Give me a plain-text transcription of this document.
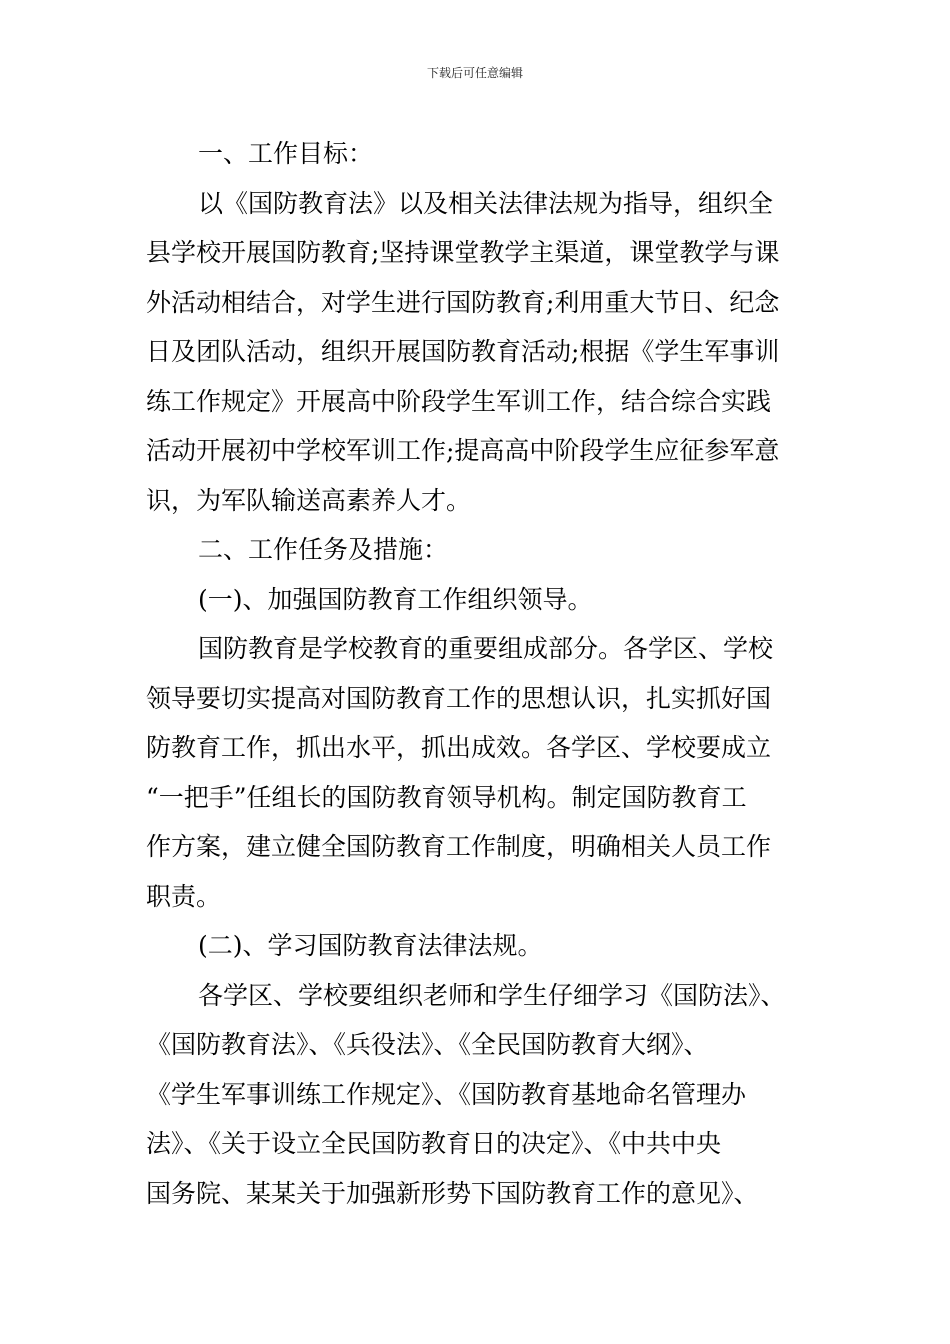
下载后可任意编辑
一、工作目标：
以《国防教育法》以及相关法律法规为指导，组织全
县学校开展国防教育;坚持课堂教学主渠道，课堂教学与课
外活动相结合，对学生进行国防教育;利用重大节日、纪念
日及团队活动，组织开展国防教育活动;根据《学生军事训
练工作规定》开展高中阶段学生军训工作，结合综合实践
活动开展初中学校军训工作;提高高中阶段学生应征参军意
识，为军队输送高素养人才。
二、工作任务及措施：
(一)、加强国防教育工作组织领导。
国防教育是学校教育的重要组成部分。各学区、学校
领导要切实提高对国防教育工作的思想认识，扎实抓好国
防教育工作，抓出水平，抓出成效。各学区、学校要成立
“一把手”任组长的国防教育领导机构。制定国防教育工
作方案，建立健全国防教育工作制度，明确相关人员工作
职责。
(二)、学习国防教育法律法规。
各学区、学校要组织老师和学生仔细学习《国防法》、
《国防教育法》、《兵役法》、《全民国防教育大纲》、
《学生军事训练工作规定》、《国防教育基地命名管理办
法》、《关于设立全民国防教育日的决定》、《中共中央
国务院、某某关于加强新形势下国防教育工作的意见》、
